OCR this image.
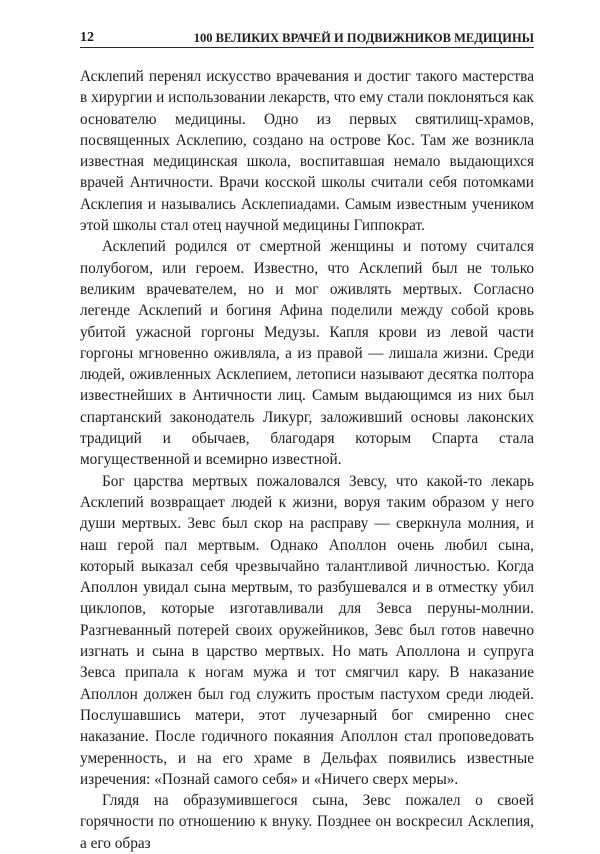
12	100 ВЕЛИКИХ ВРАЧЕЙ И ПОДВИЖНИКОВ МЕДИЦИНЫ

Асклепий перенял искусство врачевания и достиг такого мастерства в хирургии и использовании лекарств, что ему стали поклоняться как основателю медицины. Одно из первых святилищ-храмов, посвященных Асклепию, создано на острове Кос. Там же возникла известная медицинская школа, воспитавшая немало выдающихся врачей Античности. Врачи косской школы считали себя потомками Асклепия и назывались Асклепиадами. Самым известным учеником этой школы стал отец научной медицины Гиппократ.

Асклепий родился от смертной женщины и потому считался полубогом, или героем. Известно, что Асклепий был не только великим врачевателем, но и мог оживлять мертвых. Согласно легенде Асклепий и богиня Афина поделили между собой кровь убитой ужасной горгоны Медузы. Капля крови из левой части горгоны мгновенно оживляла, а из правой — лишала жизни. Среди людей, оживленных Асклепием, летописи называют десятка полтора известнейших в Античности лиц. Самым выдающимся из них был спартанский законодатель Ликург, заложивший основы лаконских традиций и обычаев, благодаря которым Спарта стала могущественной и всемирно известной.

Бог царства мертвых пожаловался Зевсу, что какой-то лекарь Асклепий возвращает людей к жизни, воруя таким образом у него души мертвых. Зевс был скор на расправу — сверкнула молния, и наш герой пал мертвым. Однако Аполлон очень любил сына, который выказал себя чрезвычайно талантливой личностью. Когда Аполлон увидал сына мертвым, то разбушевался и в отместку убил циклопов, которые изготавливали для Зевса перуны-молнии. Разгневанный потерей своих оружейников, Зевс был готов навечно изгнать и сына в царство мертвых. Но мать Аполлона и супруга Зевса припала к ногам мужа и тот смягчил кару. В наказание Аполлон должен был год служить простым пастухом среди людей. Послушавшись матери, этот лучезарный бог смиренно снес наказание. После годичного покаяния Аполлон стал проповедовать умеренность, и на его храме в Дельфах появились известные изречения: «Познай самого себя» и «Ничего сверх меры».

Глядя на образумившегося сына, Зевс пожалел о своей горячности по отношению к внуку. Позднее он воскресил Асклепия, а его образ
